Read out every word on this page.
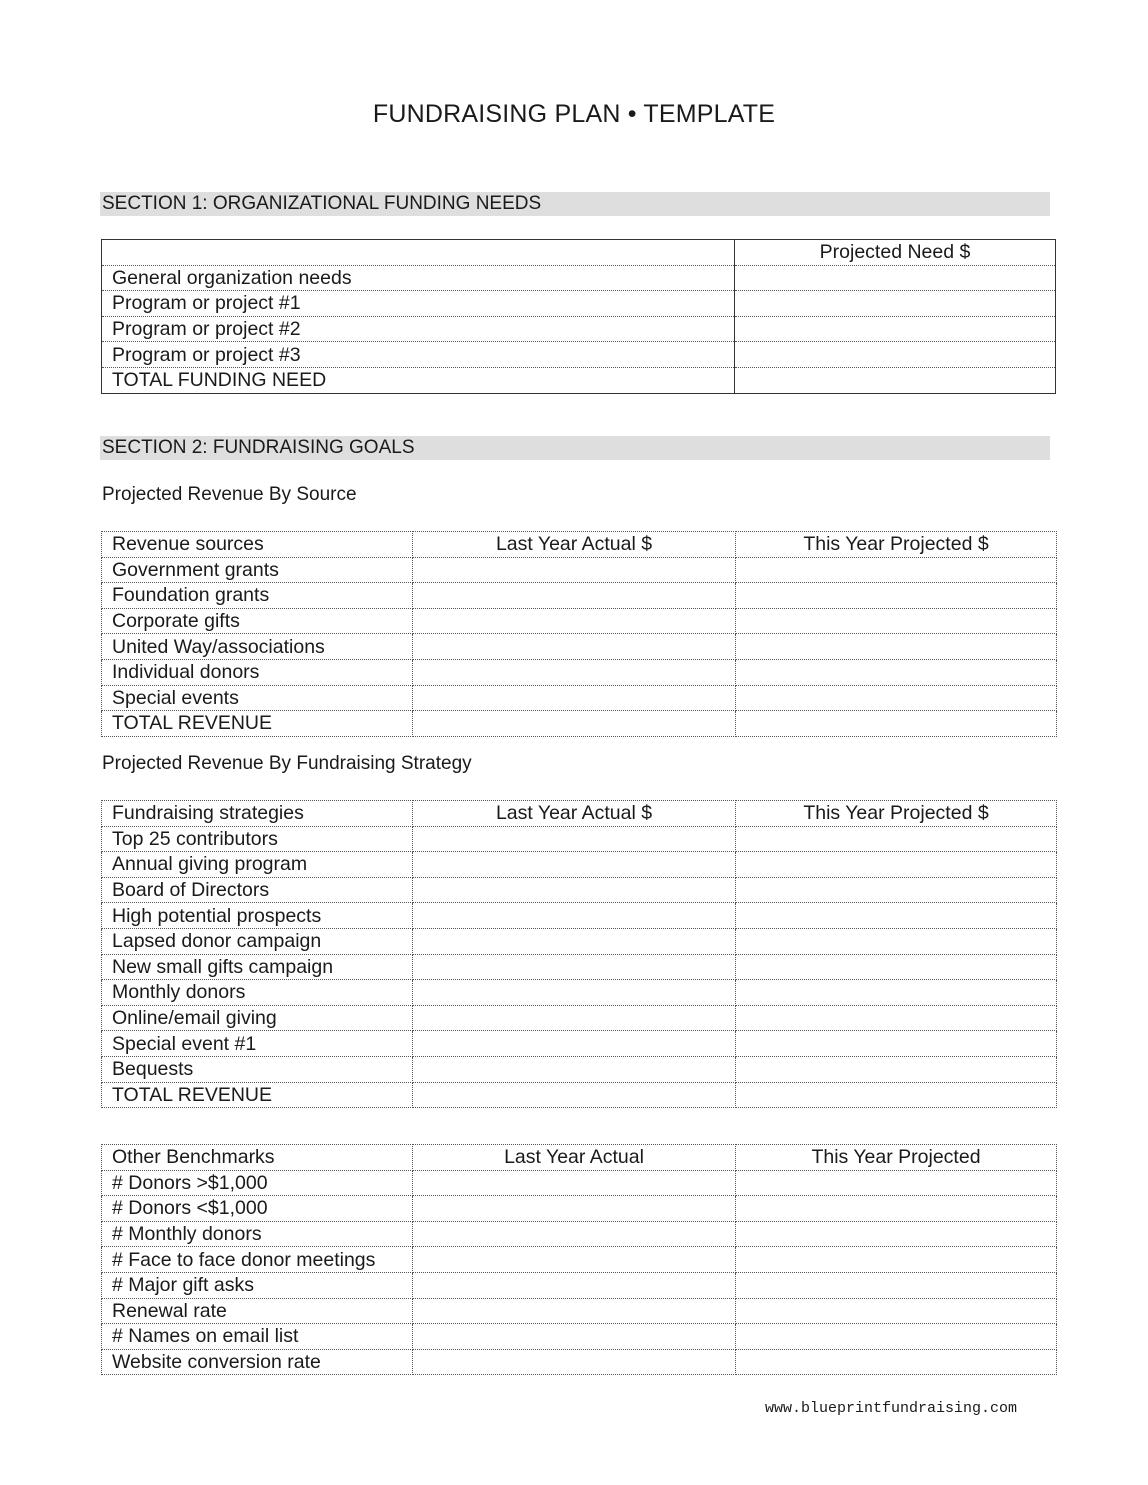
FUNDRAISING PLAN • TEMPLATE
SECTION 1: ORGANIZATIONAL FUNDING NEEDS
	Projected Need $
General organization needs	
Program or project #1	
Program or project #2	
Program or project #3	
TOTAL FUNDING NEED	
SECTION 2: FUNDRAISING GOALS
Projected Revenue By Source
Revenue sources	Last Year Actual $	This Year Projected $
Government grants		
Foundation grants		
Corporate gifts		
United Way/associations		
Individual donors		
Special events		
TOTAL REVENUE		
Projected Revenue By Fundraising Strategy
Fundraising strategies	Last Year Actual $	This Year Projected $
Top 25 contributors		
Annual giving program		
Board of Directors		
High potential prospects		
Lapsed donor campaign		
New small gifts campaign		
Monthly donors		
Online/email giving		
Special event #1		
Bequests		
TOTAL REVENUE		
Other Benchmarks	Last Year Actual	This Year Projected
# Donors >$1,000		
# Donors <$1,000		
# Monthly donors		
# Face to face donor meetings		
# Major gift asks		
Renewal rate		
# Names on email list		
Website conversion rate		
www.blueprintfundraising.com
